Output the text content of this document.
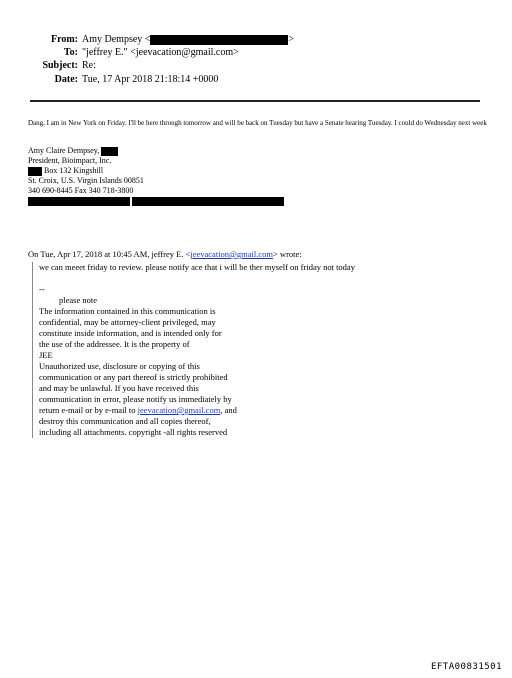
From: Amy Dempsey <	>
To: "jeffrey E." <jeevacation@gmail.com>
Subject: Re:
Date: Tue, 17 Apr 2018 21:18:14 +0000
Dang, I am in New York on Friday. I'll be here through tomorrow and will be back on Tuesday but have a Senate hearing Tuesday. I could do Wednesday next week
Amy Claire Dempsey,
President, Bioimpact, Inc.
Box 132 Kingshill
St. Croix, U.S. Virgin Islands 00851
340 690-8445 Fax 340 718-3800

On Tue, Apr 17, 2018 at 10:45 AM, jeffrey E. <jeevacation@gmail.com> wrote:
we can meeet friday to review. please notify ace that i will be ther myself on friday not today
--
please note
The information contained in this communication is
confidential, may be attorney-client privileged, may
constitute inside information, and is intended only for
the use of the addressee. It is the property of
JEE
Unauthorized use, disclosure or copying of this
communication or any part thereof is strictly prohibited
and may be unlawful. If you have received this
communication in error, please notify us immediately by
return e-mail or by e-mail to jeevacation@gmail.com, and
destroy this communication and all copies thereof,
including all attachments. copyright -all rights reserved
EFTA00831501
